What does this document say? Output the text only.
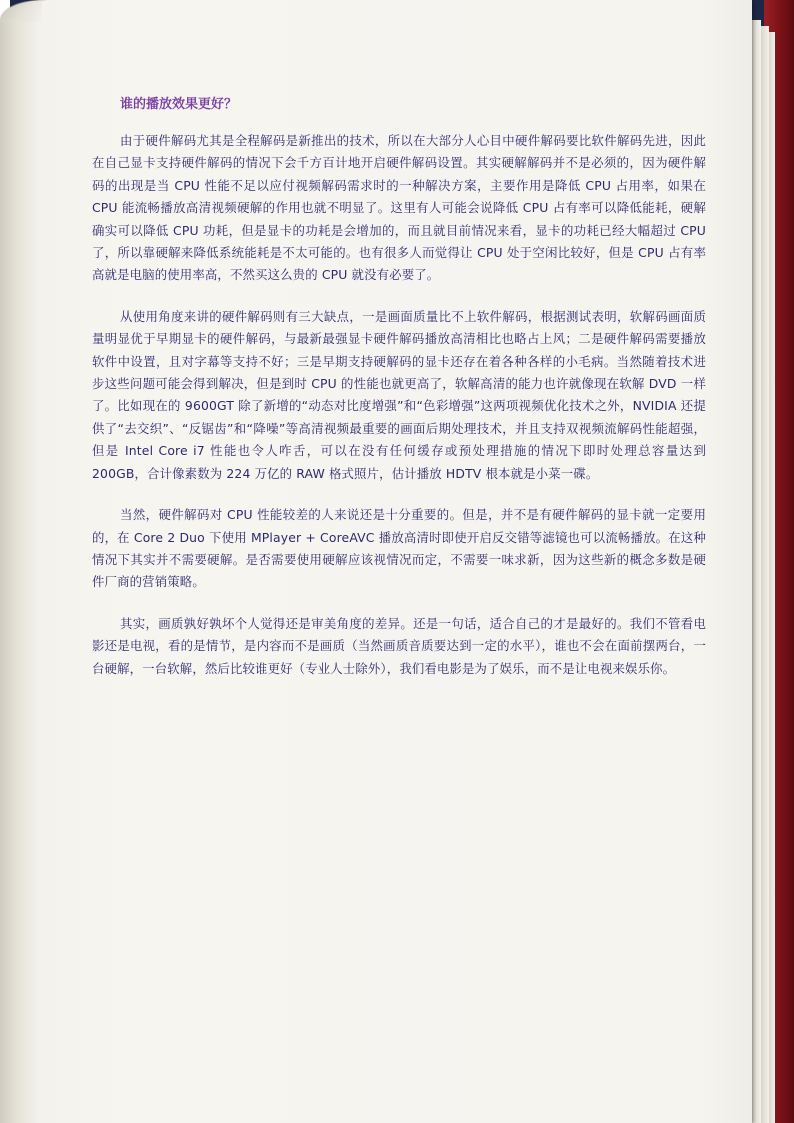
谁的播放效果更好？

由于硬件解码尤其是全程解码是新推出的技术，所以在大部分人心目中硬件解码要比软件解码先进，因此在自己显卡支持硬件解码的情况下会千方百计地开启硬件解码设置。其实硬解解码并不是必须的，因为硬件解码的出现是当 CPU 性能不足以应付视频解码需求时的一种解决方案，主要作用是降低 CPU 占用率，如果在 CPU 能流畅播放高清视频硬解的作用也就不明显了。这里有人可能会说降低 CPU 占有率可以降低能耗，硬解确实可以降低 CPU 功耗，但是显卡的功耗是会增加的，而且就目前情况来看，显卡的功耗已经大幅超过 CPU 了，所以靠硬解来降低系统能耗是不太可能的。也有很多人而觉得让 CPU 处于空闲比较好，但是 CPU 占有率高就是电脑的使用率高，不然买这么贵的 CPU 就没有必要了。

从使用角度来讲的硬件解码则有三大缺点，一是画面质量比不上软件解码，根据测试表明，软解码画面质量明显优于早期显卡的硬件解码，与最新最强显卡硬件解码播放高清相比也略占上风；二是硬件解码需要播放软件中设置，且对字幕等支持不好；三是早期支持硬解码的显卡还存在着各种各样的小毛病。当然随着技术进步这些问题可能会得到解决，但是到时 CPU 的性能也就更高了，软解高清的能力也许就像现在软解 DVD 一样了。比如现在的 9600GT 除了新增的“动态对比度增强”和“色彩增强”这两项视频优化技术之外，NVIDIA 还提供了“去交织”、“反锯齿”和“降噪”等高清视频最重要的画面后期处理技术，并且支持双视频流解码性能超强，但是 Intel Core i7 性能也令人咋舌，可以在没有任何缓存或预处理措施的情况下即时处理总容量达到 200GB，合计像素数为 224 万亿的 RAW 格式照片，估计播放 HDTV 根本就是小菜一碟。

当然，硬件解码对 CPU 性能较差的人来说还是十分重要的。但是，并不是有硬件解码的显卡就一定要用的，在 Core 2 Duo 下使用 MPlayer + CoreAVC 播放高清时即使开启反交错等滤镜也可以流畅播放。在这种情况下其实并不需要硬解。是否需要使用硬解应该视情况而定，不需要一味求新，因为这些新的概念多数是硬件厂商的营销策略。

其实，画质孰好孰坏个人觉得还是审美角度的差异。还是一句话，适合自己的才是最好的。我们不管看电影还是电视，看的是情节，是内容而不是画质（当然画质音质要达到一定的水平），谁也不会在面前摆两台，一台硬解，一台软解，然后比较谁更好（专业人士除外），我们看电影是为了娱乐，而不是让电视来娱乐你。
